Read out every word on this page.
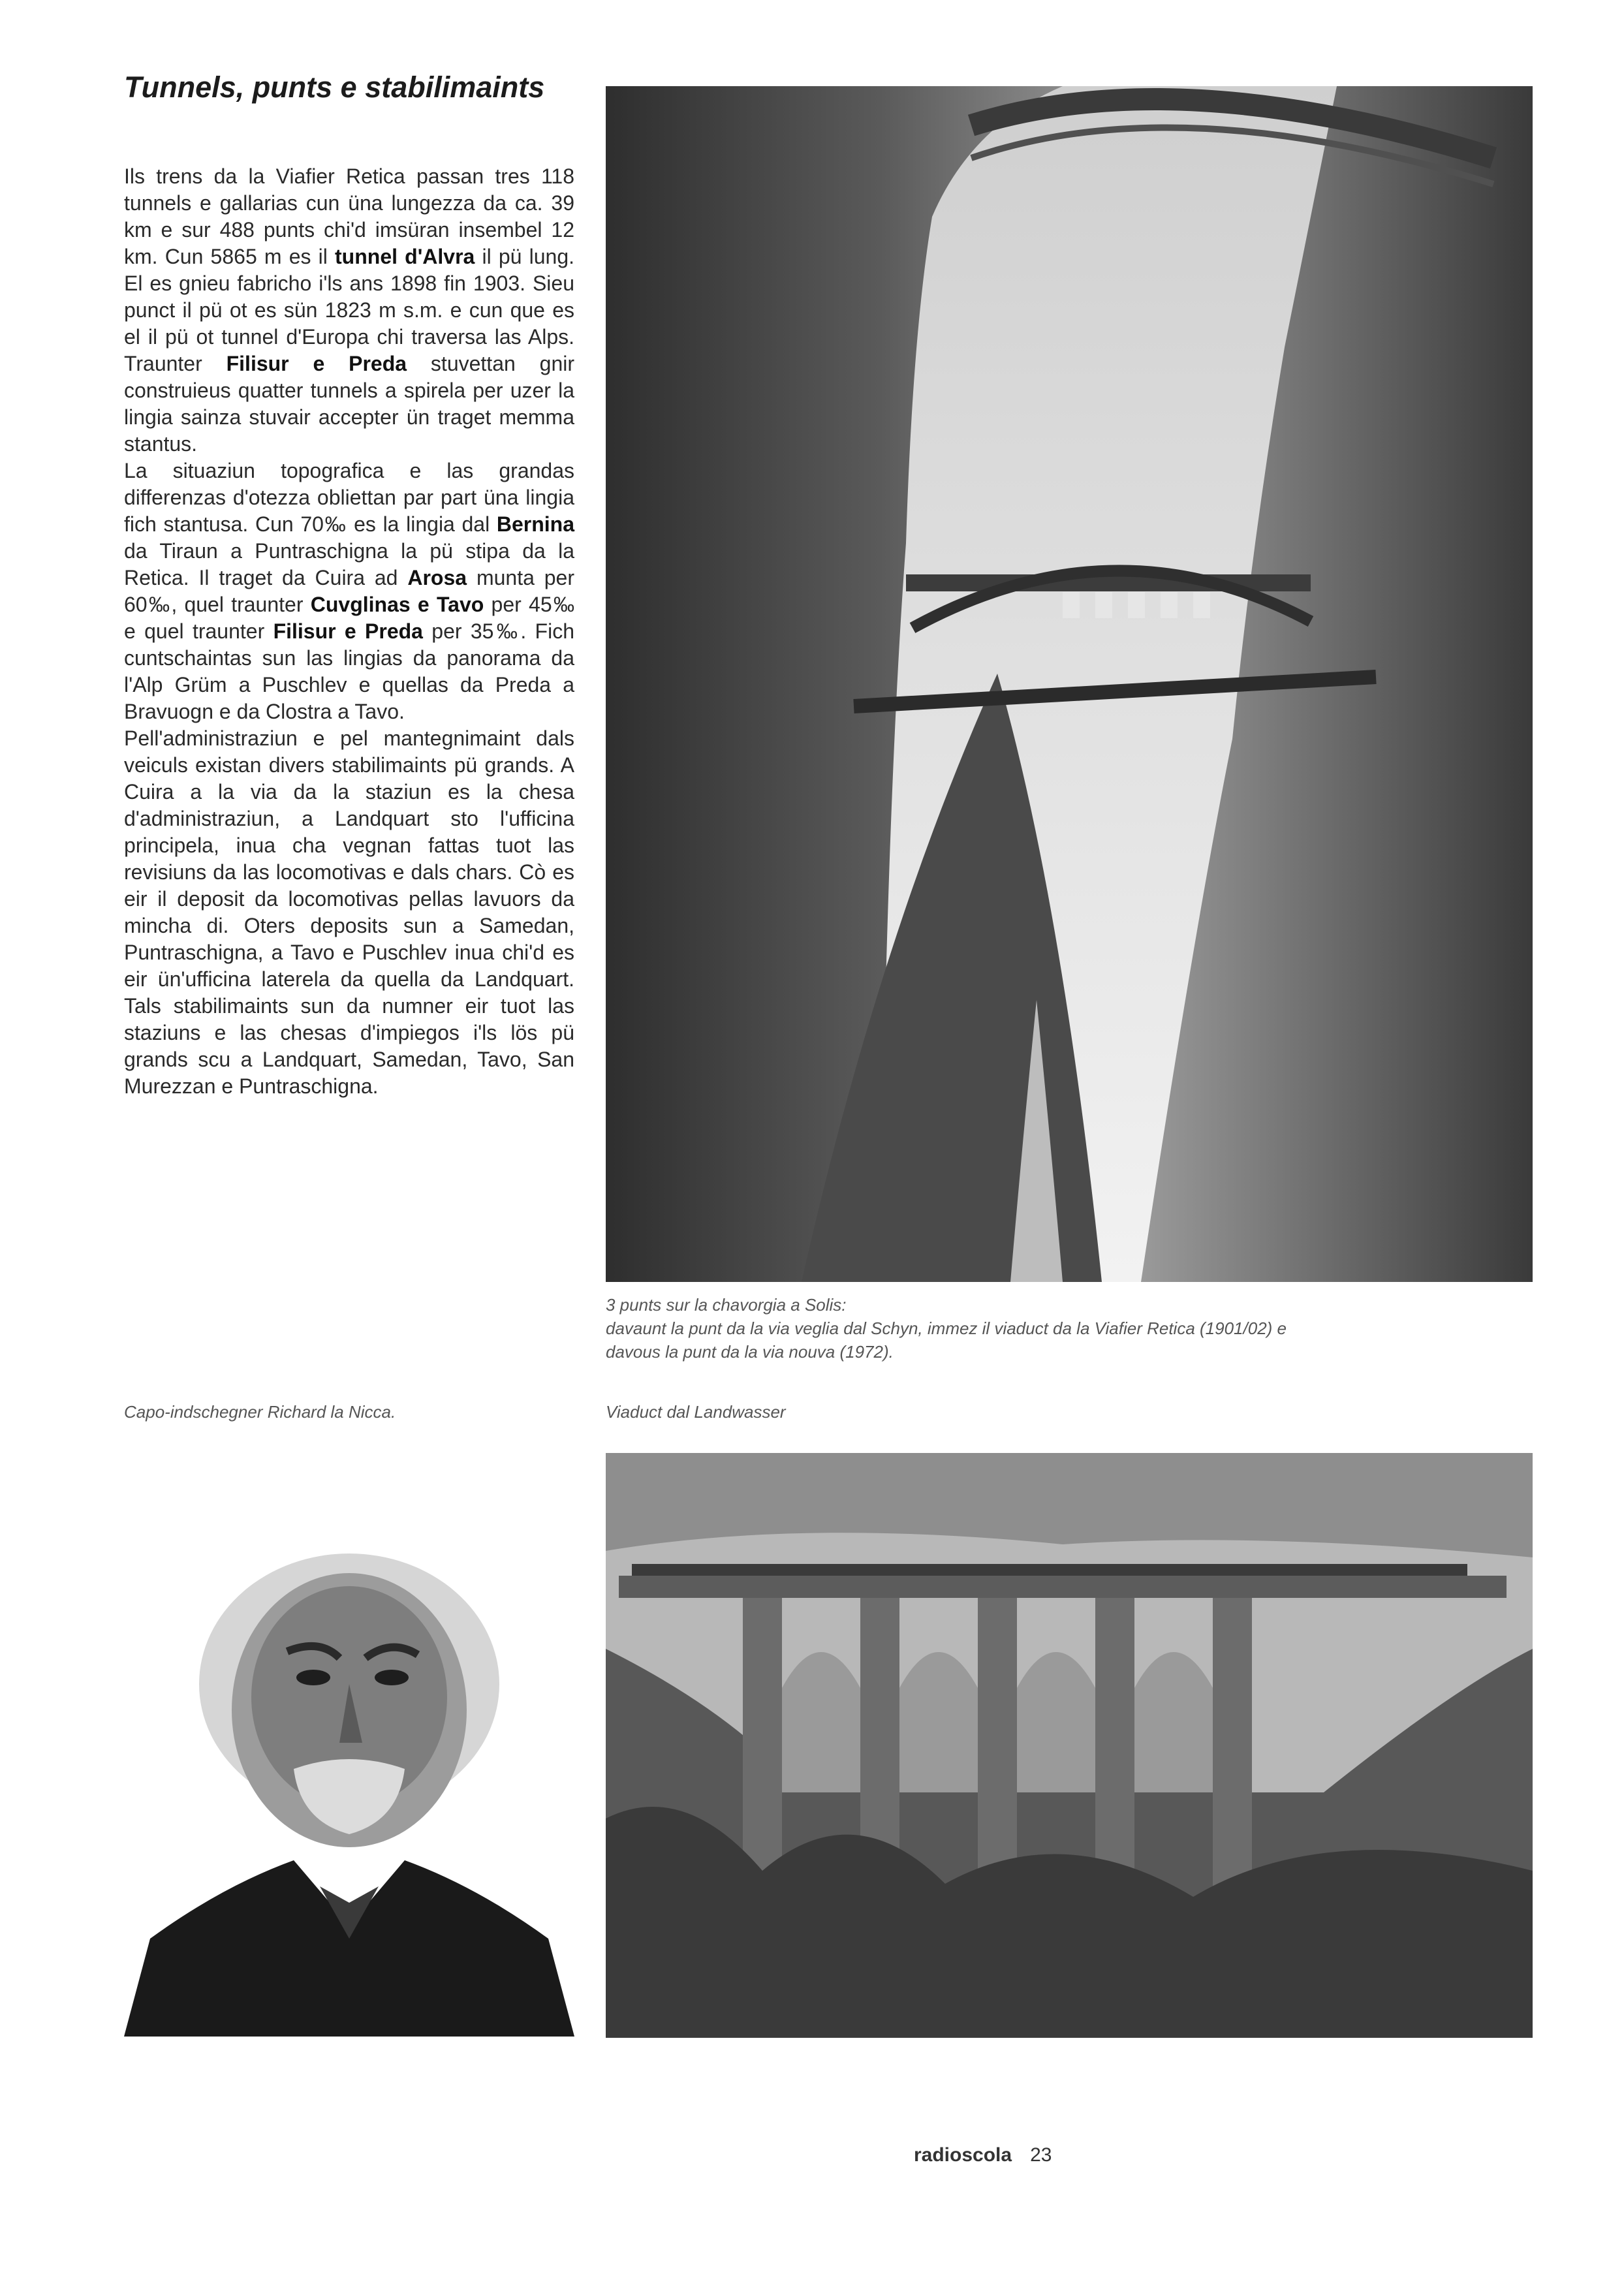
Tunnels, punts e stabilimaints

Ils trens da la Viafier Retica passan tres 118 tunnels e gallarias cun üna lungezza da ca. 39 km e sur 488 punts chi'd imsüran insembel 12 km. Cun 5865 m es il tunnel d'Alvra il pü lung. El es gnieu fabricho i'ls ans 1898 fin 1903. Sieu punct il pü ot es sün 1823 m s.m. e cun que es el il pü ot tunnel d'Europa chi traversa las Alps. Traunter Filisur e Preda stuvettan gnir construieus quatter tunnels a spirela per uzer la lingia sainza stuvair accepter ün traget memma stantus.

La situaziun topografica e las grandas differenzas d'otezza obliettan par part üna lingia fich stantusa. Cun 70‰ es la lingia dal Bernina da Tiraun a Puntraschigna la pü stipa da la Retica. Il traget da Cuira ad Arosa munta per 60‰, quel traunter Cuvglinas e Tavo per 45‰ e quel traunter Filisur e Preda per 35‰. Fich cuntschaintas sun las lingias da panorama da l'Alp Grüm a Puschlev e quellas da Preda a Bravuogn e da Clostra a Tavo.

Pell'administraziun e pel mantegnimaint dals veiculs existan divers stabilimaints pü grands. A Cuira a la via da la staziun es la chesa d'administraziun, a Landquart sto l'ufficina principela, inua cha vegnan fattas tuot las revisiuns da las locomotivas e dals chars. Cò es eir il deposit da locomotivas pellas lavuors da mincha di. Oters deposits sun a Samedan, Puntraschigna, a Tavo e Puschlev inua chi'd es eir ün'ufficina laterela da quella da Landquart. Tals stabilimaints sun da numner eir tuot las staziuns e las chesas d'impiegos i'ls lös pü grands scu a Landquart, Samedan, Tavo, San Murezzan e Puntraschigna.

3 punts sur la chavorgia a Solis:
davaunt la punt da la via veglia dal Schyn, immez il viaduct da la Viafier Retica (1901/02) e
davous la punt da la via nouva (1972).
Capo-indschegner Richard la Nicca.	Viaduct dal Landwasser
radioscola 23
